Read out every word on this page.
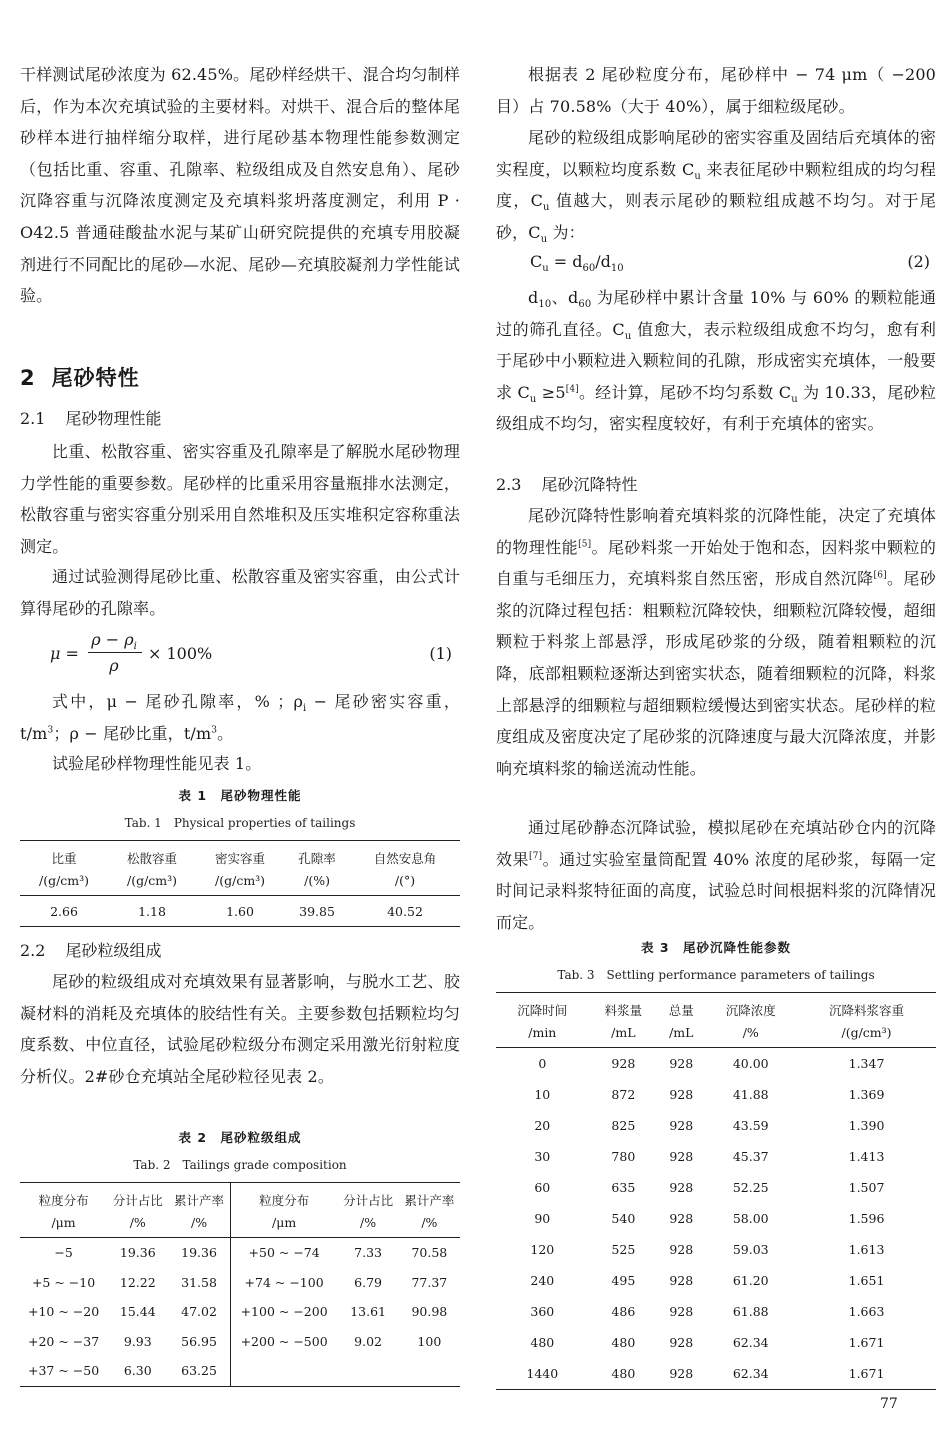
干样测试尾砂浓度为 62.45%。尾砂样经烘干、混合均匀制样后，作为本次充填试验的主要材料。对烘干、混合后的整体尾砂样本进行抽样缩分取样，进行尾砂基本物理性能参数测定（包括比重、容重、孔隙率、粒级组成及自然安息角）、尾砂沉降容重与沉降浓度测定及充填料浆坍落度测定，利用 P · O42.5 普通硅酸盐水泥与某矿山研究院提供的充填专用胶凝剂进行不同配比的尾砂—水泥、尾砂—充填胶凝剂力学性能试验。

2 尾砂特性
2.1 尾砂物理性能

比重、松散容重、密实容重及孔隙率是了解脱水尾砂物理力学性能的重要参数。尾砂样的比重采用容量瓶排水法测定，松散容重与密实容重分别采用自然堆积及压实堆积定容称重法测定。

通过试验测得尾砂比重、松散容重及密实容重，由公式计算得尾砂的孔隙率。

μ =
$\rho - \rho_i$
ρ
× 100%	(1)

式中，μ − 尾砂孔隙率，% ；$\rho_i$ − 尾砂密实容重，$t/m^3$；ρ − 尾砂比重，$t/m^3$。

试验尾砂样物理性能见表 1。

表 1　尾砂物理性能
Tab. 1　Physical properties of tailings
比重	松散容重	密实容重	孔隙率	自然安息角
/(g/cm³)	/(g/cm³)	/(g/cm³)	/(%)	/(°)
2.66	1.18	1.60	39.85	40.52
2.2 尾砂粒级组成

尾砂的粒级组成对充填效果有显著影响，与脱水工艺、胶凝材料的消耗及充填体的胶结性有关。主要参数包括颗粒均匀度系数、中位直径，试验尾砂粒级分布测定采用激光衍射粒度分析仪。2#砂仓充填站全尾砂粒径见表 2。

表 2　尾砂粒级组成
Tab. 2　Tailings grade composition
粒度分布	分计占比	累计产率	粒度分布	分计占比	累计产率
/μm	/%	/%	/μm	/%	/%
−5	19.36	19.36	+50 ~ −74	7.33	70.58
+5 ~ −10	12.22	31.58	+74 ~ −100	6.79	77.37
+10 ~ −20	15.44	47.02	+100 ~ −200	13.61	90.98
+20 ~ −37	9.93	56.95	+200 ~ −500	9.02	100
+37 ~ −50	6.30	63.25			

根据表 2 尾砂粒度分布，尾砂样中 − 74 μm（ −200 目）占 70.58%（大于 40%），属于细粒级尾砂。

尾砂的粒级组成影响尾砂的密实容重及固结后充填体的密实程度，以颗粒均度系数 $C_u$ 来表征尾砂中颗粒组成的均匀程度，$C_u$ 值越大，则表示尾砂的颗粒组成越不均匀。对于尾砂，$C_u$ 为：

$C_u = d_{60}/d_{10}$	(2)

$d_{10}$、$d_{60}$ 为尾砂样中累计含量 10% 与 60% 的颗粒能通过的筛孔直径。$C_u$ 值愈大，表示粒级组成愈不均匀，愈有利于尾砂中小颗粒进入颗粒间的孔隙，形成密实充填体，一般要求 $C_u \ge 5[4]$。经计算，尾砂不均匀系数 $C_u$ 为 10.33，尾砂粒级组成不均匀，密实程度较好，有利于充填体的密实。

2.3 尾砂沉降特性

尾砂沉降特性影响着充填料浆的沉降性能，决定了充填体的物理性能[5]。尾砂料浆一开始处于饱和态，因料浆中颗粒的自重与毛细压力，充填料浆自然压密，形成自然沉降[6]。尾砂浆的沉降过程包括：粗颗粒沉降较快，细颗粒沉降较慢，超细颗粒于料浆上部悬浮，形成尾砂浆的分级，随着粗颗粒的沉降，底部粗颗粒逐渐达到密实状态，随着细颗粒的沉降，料浆上部悬浮的细颗粒与超细颗粒缓慢达到密实状态。尾砂样的粒度组成及密度决定了尾砂浆的沉降速度与最大沉降浓度，并影响充填料浆的输送流动性能。

通过尾砂静态沉降试验，模拟尾砂在充填站砂仓内的沉降效果[7]。通过实验室量筒配置 40% 浓度的尾砂浆，每隔一定时间记录料浆特征面的高度，试验总时间根据料浆的沉降情况而定。

表 3　尾砂沉降性能参数
Tab. 3　Settling performance parameters of tailings
沉降时间	料浆量	总量	沉降浓度	沉降料浆容重
/min	/mL	/mL	/%	/(g/cm³)
0	928	928	40.00	1.347
10	872	928	41.88	1.369
20	825	928	43.59	1.390
30	780	928	45.37	1.413
60	635	928	52.25	1.507
90	540	928	58.00	1.596
120	525	928	59.03	1.613
240	495	928	61.20	1.651
360	486	928	61.88	1.663
480	480	928	62.34	1.671
1440	480	928	62.34	1.671
77
